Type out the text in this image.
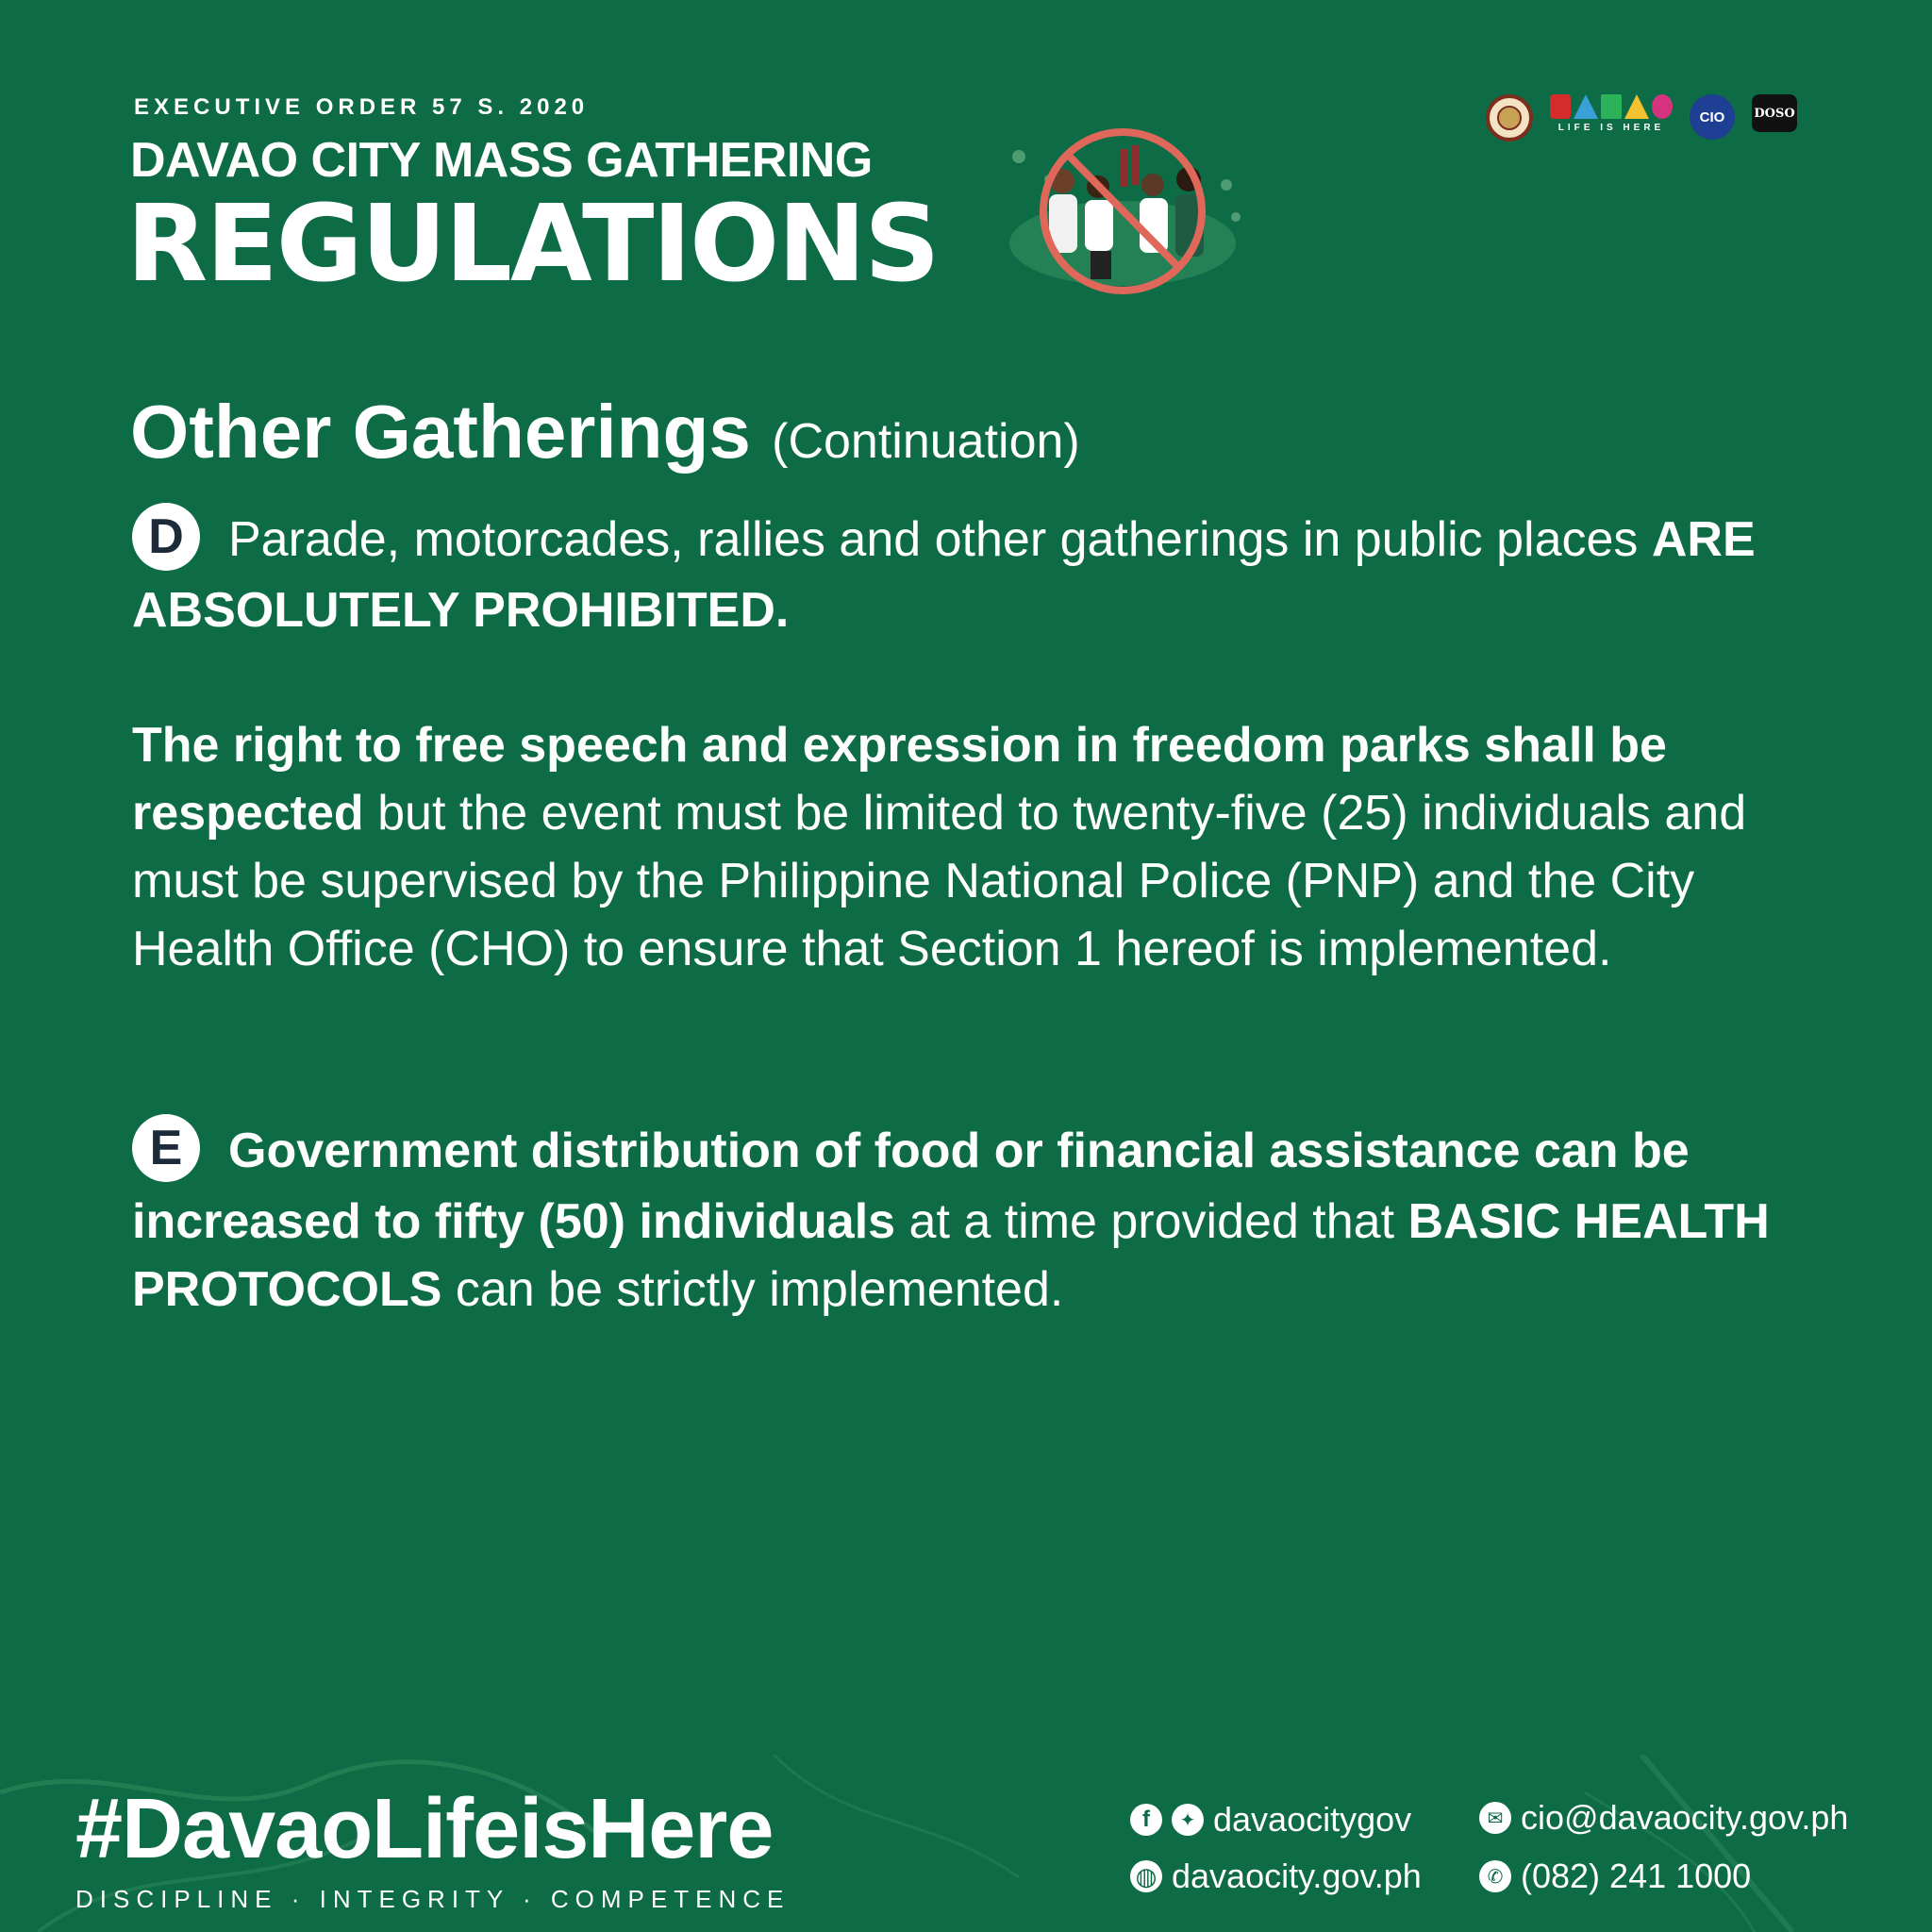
EXECUTIVE ORDER 57 S. 2020
DAVAO CITY MASS GATHERING
REGULATIONS
LIFE IS HERE
CIO	DOSO
Other Gatherings (Continuation)
D Parade, motorcades, rallies and other gatherings in public places ARE ABSOLUTELY PROHIBITED.
The right to free speech and expression in freedom parks shall be respected but the event must be limited to twenty-five (25) individuals and must be supervised by the Philippine National Police (PNP) and the City Health Office (CHO) to ensure that Section 1 hereof is implemented.
E Government distribution of food or financial assistance can be increased to fifty (50) individuals at a time provided that BASIC HEALTH PROTOCOLS can be strictly implemented.
#DavaoLifeisHere
DISCIPLINE · INTEGRITY · COMPETENCE
f	✦ davaocitygov
◍ davaocity.gov.ph
✉ cio@davaocity.gov.ph
✆ (082) 241 1000
